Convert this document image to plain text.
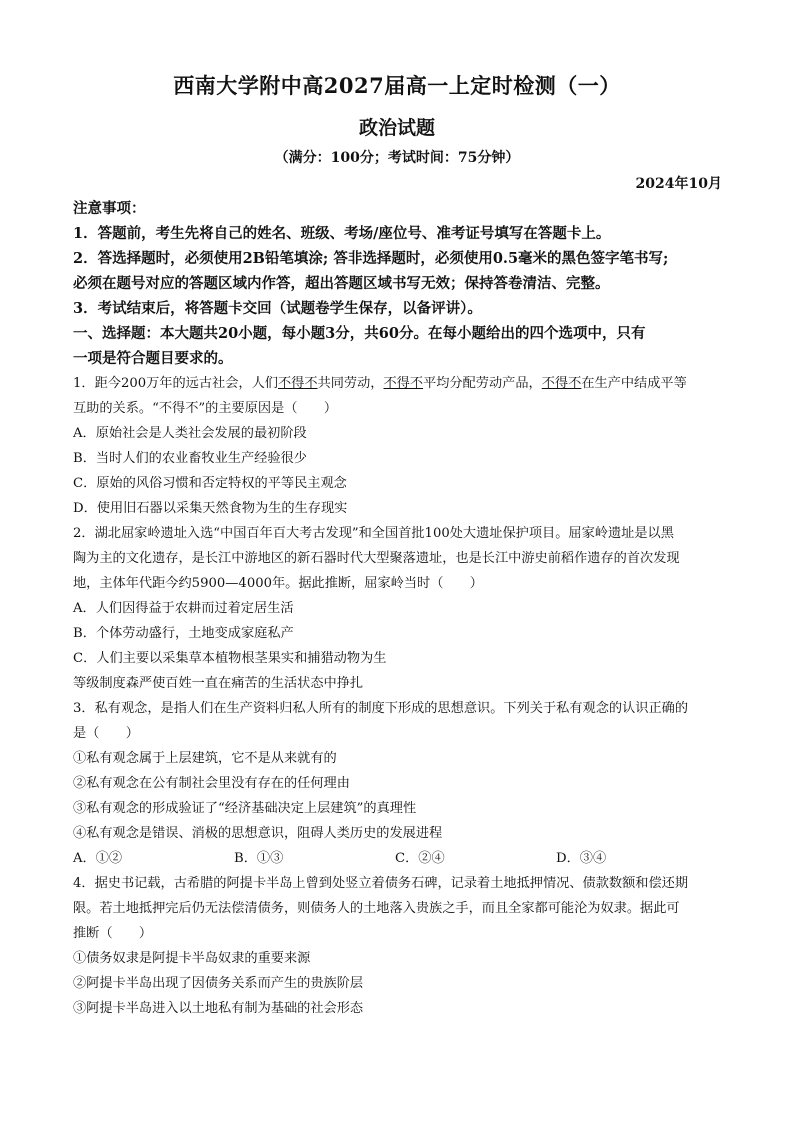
西南大学附中高2027届高一上定时检测（一）
政治试题
（满分：100分；考试时间：75分钟）
2024年10月
注意事项：
1．答题前，考生先将自己的姓名、班级、考场/座位号、准考证号填写在答题卡上。
2．答选择题时，必须使用2B铅笔填涂; 答非选择题时，必须使用0.5毫米的黑色签字笔书写;
必须在题号对应的答题区域内作答，超出答题区域书写无效；保持答卷清洁、完整。
3．考试结束后，将答题卡交回（试题卷学生保存，以备评讲）。
一、选择题：本大题共20小题，每小题3分，共60分。在每小题给出的四个选项中，只有
一项是符合题目要求的。
1．距今200万年的远古社会，人们不得不共同劳动，不得不平均分配劳动产品，不得不在生产中结成平等
互助的关系。“不得不”的主要原因是（　　）
A．原始社会是人类社会发展的最初阶段
B．当时人们的农业畜牧业生产经验很少
C．原始的风俗习惯和否定特权的平等民主观念
D．使用旧石器以采集天然食物为生的生存现实
2．湖北屈家岭遗址入选“中国百年百大考古发现”和全国首批100处大遗址保护项目。屈家岭遗址是以黑
陶为主的文化遗存，是长江中游地区的新石器时代大型聚落遗址，也是长江中游史前稻作遗存的首次发现
地，主体年代距今约5900—4000年。据此推断，屈家岭当时（　　）
A．人们因得益于农耕而过着定居生活
B．个体劳动盛行，土地变成家庭私产
C．人们主要以采集草本植物根茎果实和捕猎动物为生
等级制度森严使百姓一直在痛苦的生活状态中挣扎
3．私有观念，是指人们在生产资料归私人所有的制度下形成的思想意识。下列关于私有观念的认识正确的
是（　　）
①私有观念属于上层建筑，它不是从来就有的
②私有观念在公有制社会里没有存在的任何理由
③私有观念的形成验证了“经济基础决定上层建筑”的真理性
④私有观念是错误、消极的思想意识，阻碍人类历史的发展进程
A．①②	B．①③	C．②④	D．③④
4．据史书记载，古希腊的阿提卡半岛上曾到处竖立着债务石碑，记录着土地抵押情况、债款数额和偿还期
限。若土地抵押完后仍无法偿清债务，则债务人的土地落入贵族之手，而且全家都可能沦为奴隶。据此可
推断（　　）
①债务奴隶是阿提卡半岛奴隶的重要来源
②阿提卡半岛出现了因债务关系而产生的贵族阶层
③阿提卡半岛进入以土地私有制为基础的社会形态
